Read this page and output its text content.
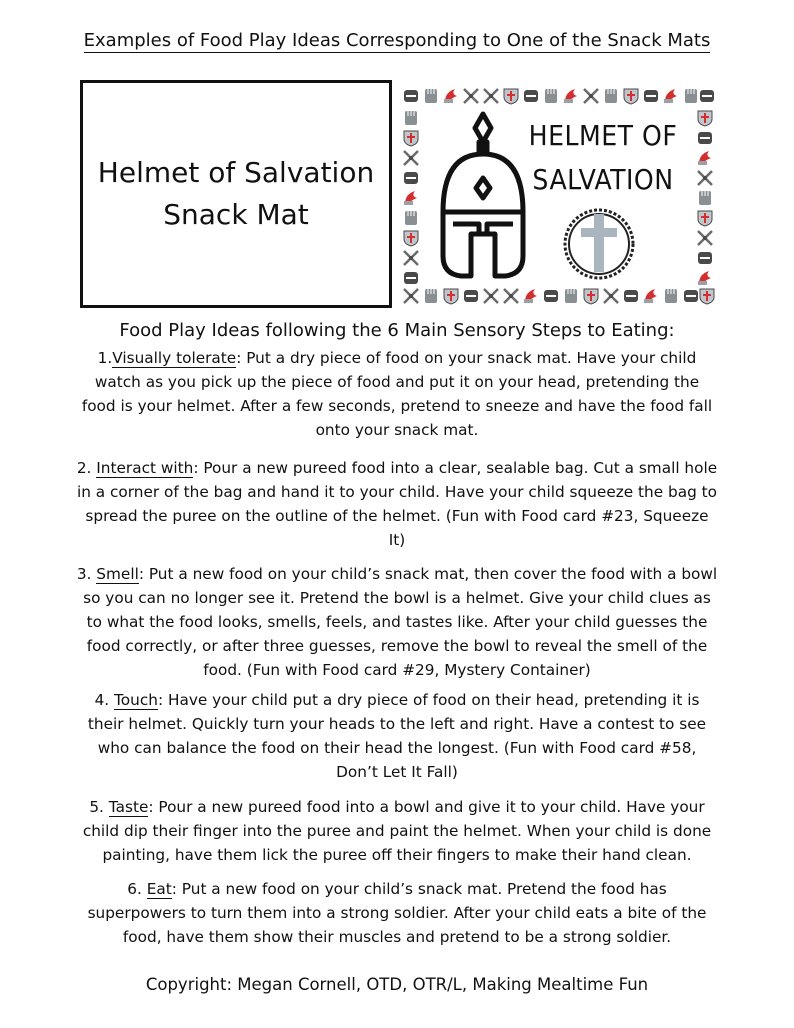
Examples of Food Play Ideas Corresponding to One of the Snack Mats
Helmet of Salvation
Snack Mat
HELMET OF
SALVATION
Food Play Ideas following the 6 Main Sensory Steps to Eating:
1.Visually tolerate: Put a dry piece of food on your snack mat. Have your child watch as you pick up the piece of food and put it on your head, pretending the food is your helmet. After a few seconds, pretend to sneeze and have the food fall onto your snack mat.
2. Interact with: Pour a new pureed food into a clear, sealable bag. Cut a small hole in a corner of the bag and hand it to your child. Have your child squeeze the bag to spread the puree on the outline of the helmet. (Fun with Food card #23, Squeeze It)
3. Smell: Put a new food on your child’s snack mat, then cover the food with a bowl so you can no longer see it. Pretend the bowl is a helmet. Give your child clues as to what the food looks, smells, feels, and tastes like. After your child guesses the food correctly, or after three guesses, remove the bowl to reveal the smell of the food. (Fun with Food card #29, Mystery Container)
4. Touch: Have your child put a dry piece of food on their head, pretending it is their helmet. Quickly turn your heads to the left and right. Have a contest to see who can balance the food on their head the longest. (Fun with Food card #58, Don’t Let It Fall)
5. Taste: Pour a new pureed food into a bowl and give it to your child. Have your child dip their finger into the puree and paint the helmet. When your child is done painting, have them lick the puree off their fingers to make their hand clean.
6. Eat: Put a new food on your child’s snack mat. Pretend the food has superpowers to turn them into a strong soldier. After your child eats a bite of the food, have them show their muscles and pretend to be a strong soldier.
Copyright: Megan Cornell, OTD, OTR/L, Making Mealtime Fun
